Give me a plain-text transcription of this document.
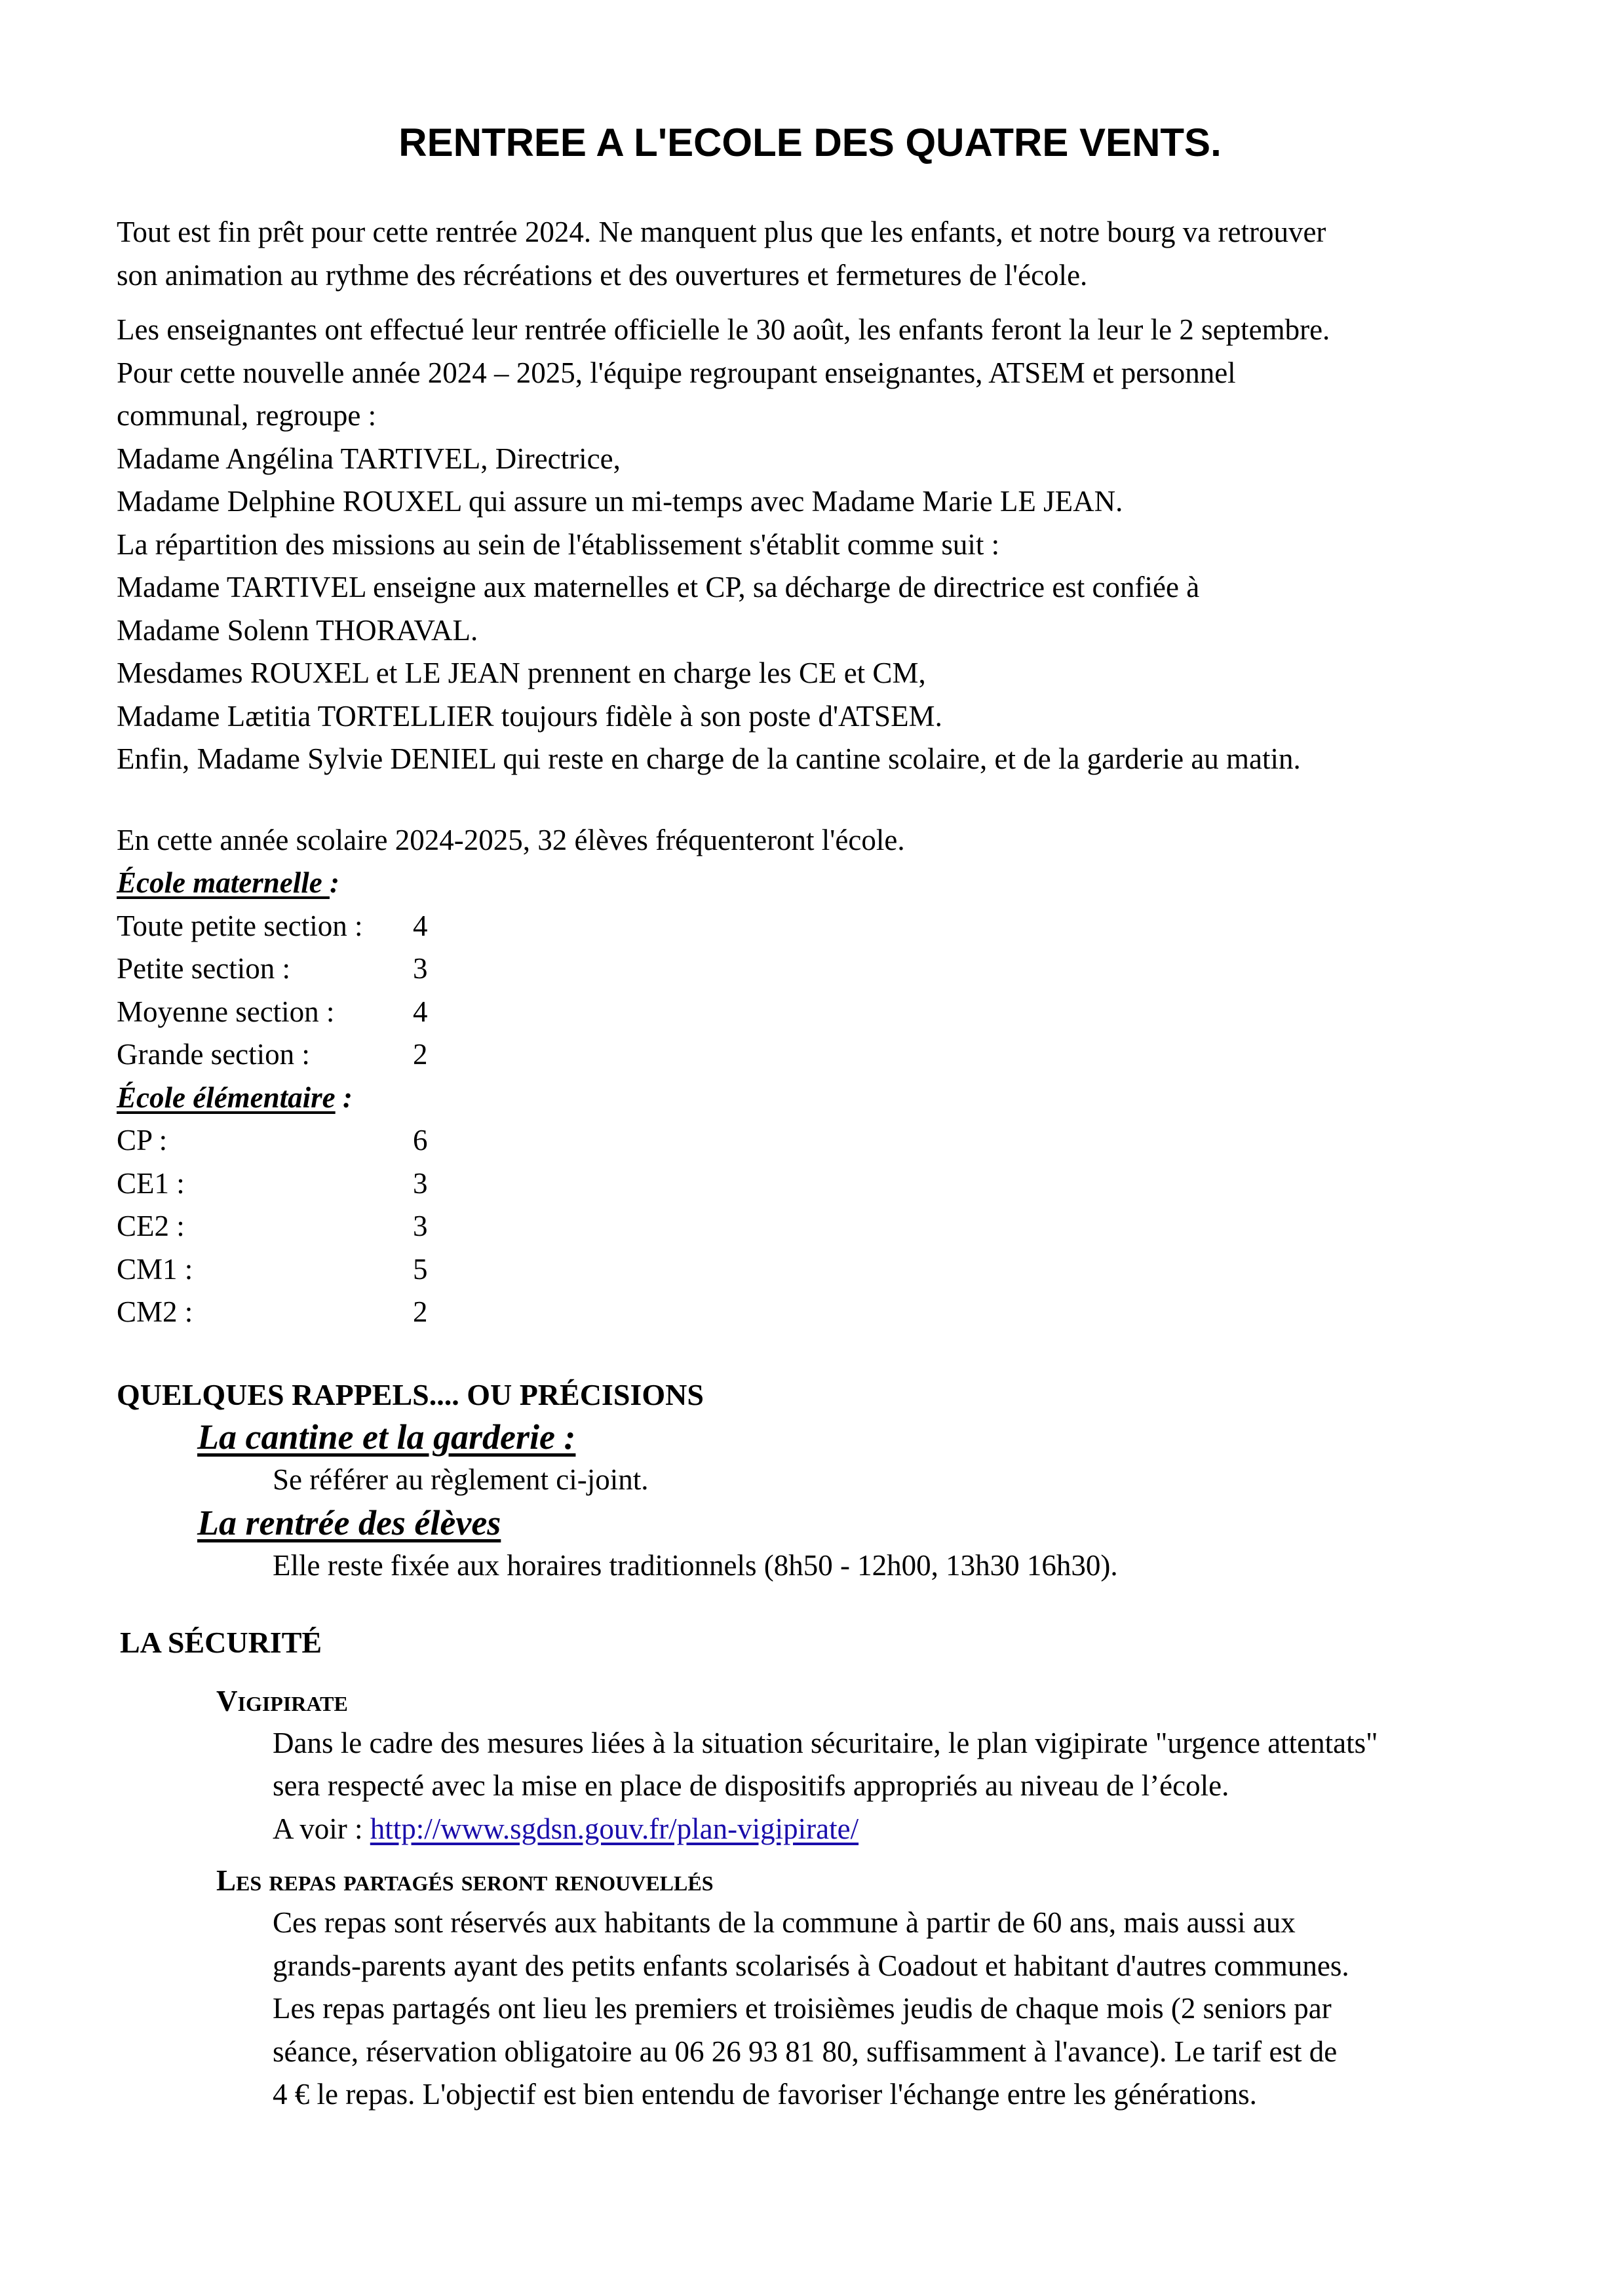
RENTREE A L'ECOLE DES QUATRE VENTS.

Tout est fin prêt pour cette rentrée 2024. Ne manquent plus que les enfants, et notre bourg va retrouver

son animation au rythme des récréations et des ouvertures et fermetures de l'école.

Les enseignantes ont effectué leur rentrée officielle le 30 août, les enfants feront la leur le 2 septembre.

Pour cette nouvelle année 2024 – 2025, l'équipe regroupant enseignantes, ATSEM et personnel

communal, regroupe :

Madame Angélina TARTIVEL, Directrice,

Madame Delphine ROUXEL qui assure un mi-temps avec Madame Marie LE JEAN.

La répartition des missions au sein de l'établissement s'établit comme suit :

Madame TARTIVEL enseigne aux maternelles et CP, sa décharge de directrice est confiée à

Madame Solenn THORAVAL.

Mesdames ROUXEL et LE JEAN prennent en charge les CE et CM,

Madame Lætitia TORTELLIER toujours fidèle à son poste d'ATSEM.

Enfin, Madame Sylvie DENIEL qui reste en charge de la cantine scolaire, et de la garderie au matin.

En cette année scolaire 2024-2025, 32 élèves fréquenteront l'école.

École maternelle :

Toute petite section :	4
Petite section :	3
Moyenne section :	4
Grande section :	2

École élémentaire :

CP :	6
CE1 :	3
CE2 :	3
CM1 :	5
CM2 :	2

QUELQUES RAPPELS.... OU PRÉCISIONS

La cantine et la garderie :

Se référer au règlement ci-joint.

La rentrée des élèves

Elle reste fixée aux horaires traditionnels (8h50 - 12h00, 13h30 16h30).

LA SÉCURITÉ

Vigipirate

Dans le cadre des mesures liées à la situation sécuritaire, le plan vigipirate "urgence attentats"

sera respecté avec la mise en place de dispositifs appropriés au niveau de l’école.

A voir : http://www.sgdsn.gouv.fr/plan-vigipirate/

Les repas partagés seront renouvellés

Ces repas sont réservés aux habitants de la commune à partir de 60 ans, mais aussi aux

grands-parents ayant des petits enfants scolarisés à Coadout et habitant d'autres communes.

Les repas partagés ont lieu les premiers et troisièmes jeudis de chaque mois (2 seniors par

séance, réservation obligatoire au 06 26 93 81 80, suffisamment à l'avance). Le tarif est de

4 € le repas. L'objectif est bien entendu de favoriser l'échange entre les générations.
